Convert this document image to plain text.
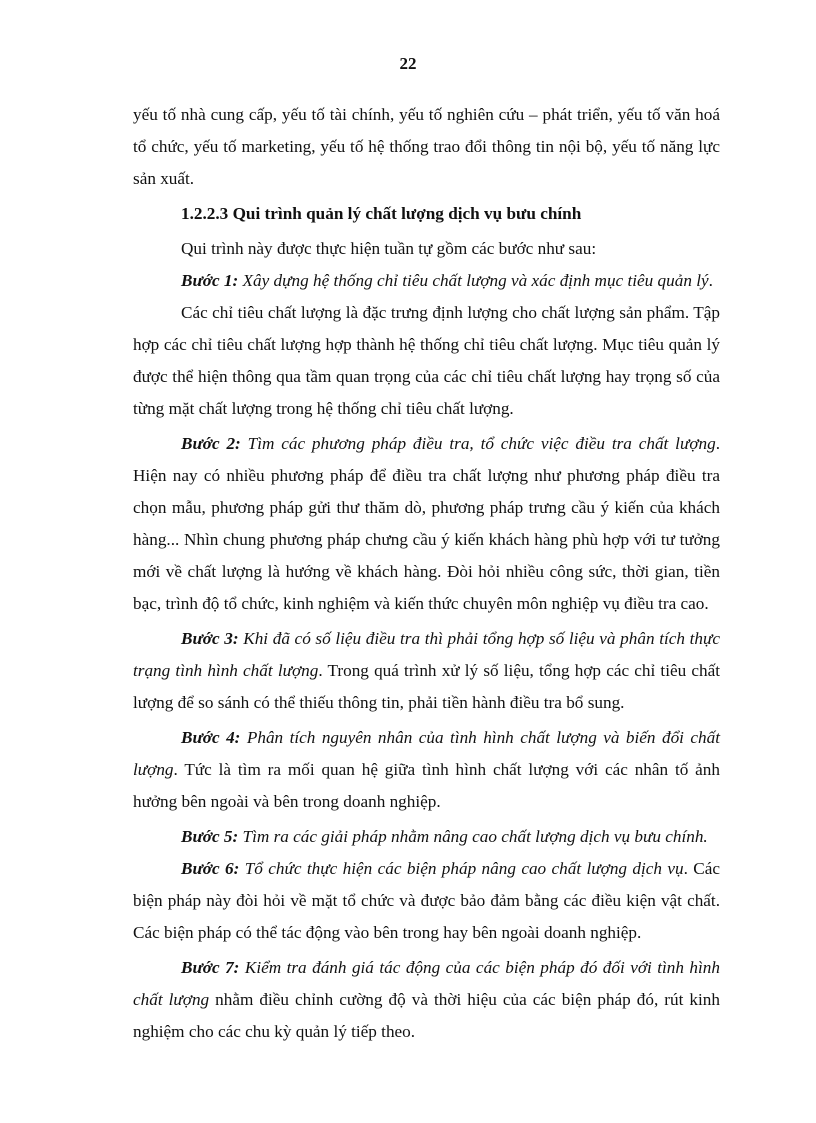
22

yếu tố nhà cung cấp, yếu tố tài chính, yếu tố nghiên cứu – phát triển, yếu tố văn hoá tổ chức, yếu tố marketing, yếu tố hệ thống trao đổi thông tin nội bộ, yếu tố năng lực sản xuất.

1.2.2.3 Qui trình quản lý chất lượng dịch vụ bưu chính

Qui trình này được thực hiện tuần tự gồm các bước như sau:

Bước 1: Xây dựng hệ thống chỉ tiêu chất lượng và xác định mục tiêu quản lý.

Các chỉ tiêu chất lượng là đặc trưng định lượng cho chất lượng sản phẩm. Tập hợp các chỉ tiêu chất lượng hợp thành hệ thống chỉ tiêu chất lượng. Mục tiêu quản lý được thể hiện thông qua tầm quan trọng của các chỉ tiêu chất lượng hay trọng số của từng mặt chất lượng trong hệ thống chỉ tiêu chất lượng.

Bước 2: Tìm các phương pháp điều tra, tổ chức việc điều tra chất lượng. Hiện nay có nhiều phương pháp để điều tra chất lượng như phương pháp điều tra chọn mẫu, phương pháp gửi thư thăm dò, phương pháp trưng cầu ý kiến của khách hàng... Nhìn chung phương pháp chưng cầu ý kiến khách hàng phù hợp với tư tưởng mới về chất lượng là hướng về khách hàng. Đòi hỏi nhiều công sức, thời gian, tiền bạc, trình độ tổ chức, kinh nghiệm và kiến thức chuyên môn nghiệp vụ điều tra cao.

Bước 3: Khi đã có số liệu điều tra thì phải tổng hợp số liệu và phân tích thực trạng tình hình chất lượng. Trong quá trình xử lý số liệu, tổng hợp các chỉ tiêu chất lượng để so sánh có thể thiếu thông tin, phải tiền hành điều tra bổ sung.

Bước 4: Phân tích nguyên nhân của tình hình chất lượng và biến đổi chất lượng. Tức là tìm ra mối quan hệ giữa tình hình chất lượng với các nhân tố ảnh hưởng bên ngoài và bên trong doanh nghiệp.

Bước 5: Tìm ra các giải pháp nhằm nâng cao chất lượng dịch vụ bưu chính.

Bước 6: Tổ chức thực hiện các biện pháp nâng cao chất lượng dịch vụ. Các biện pháp này đòi hỏi về mặt tổ chức và được bảo đảm bằng các điều kiện vật chất. Các biện pháp có thể tác động vào bên trong hay bên ngoài doanh nghiệp.

Bước 7: Kiểm tra đánh giá tác động của các biện pháp đó đối với tình hình chất lượng nhằm điều chỉnh cường độ và thời hiệu của các biện pháp đó, rút kinh nghiệm cho các chu kỳ quản lý tiếp theo.
